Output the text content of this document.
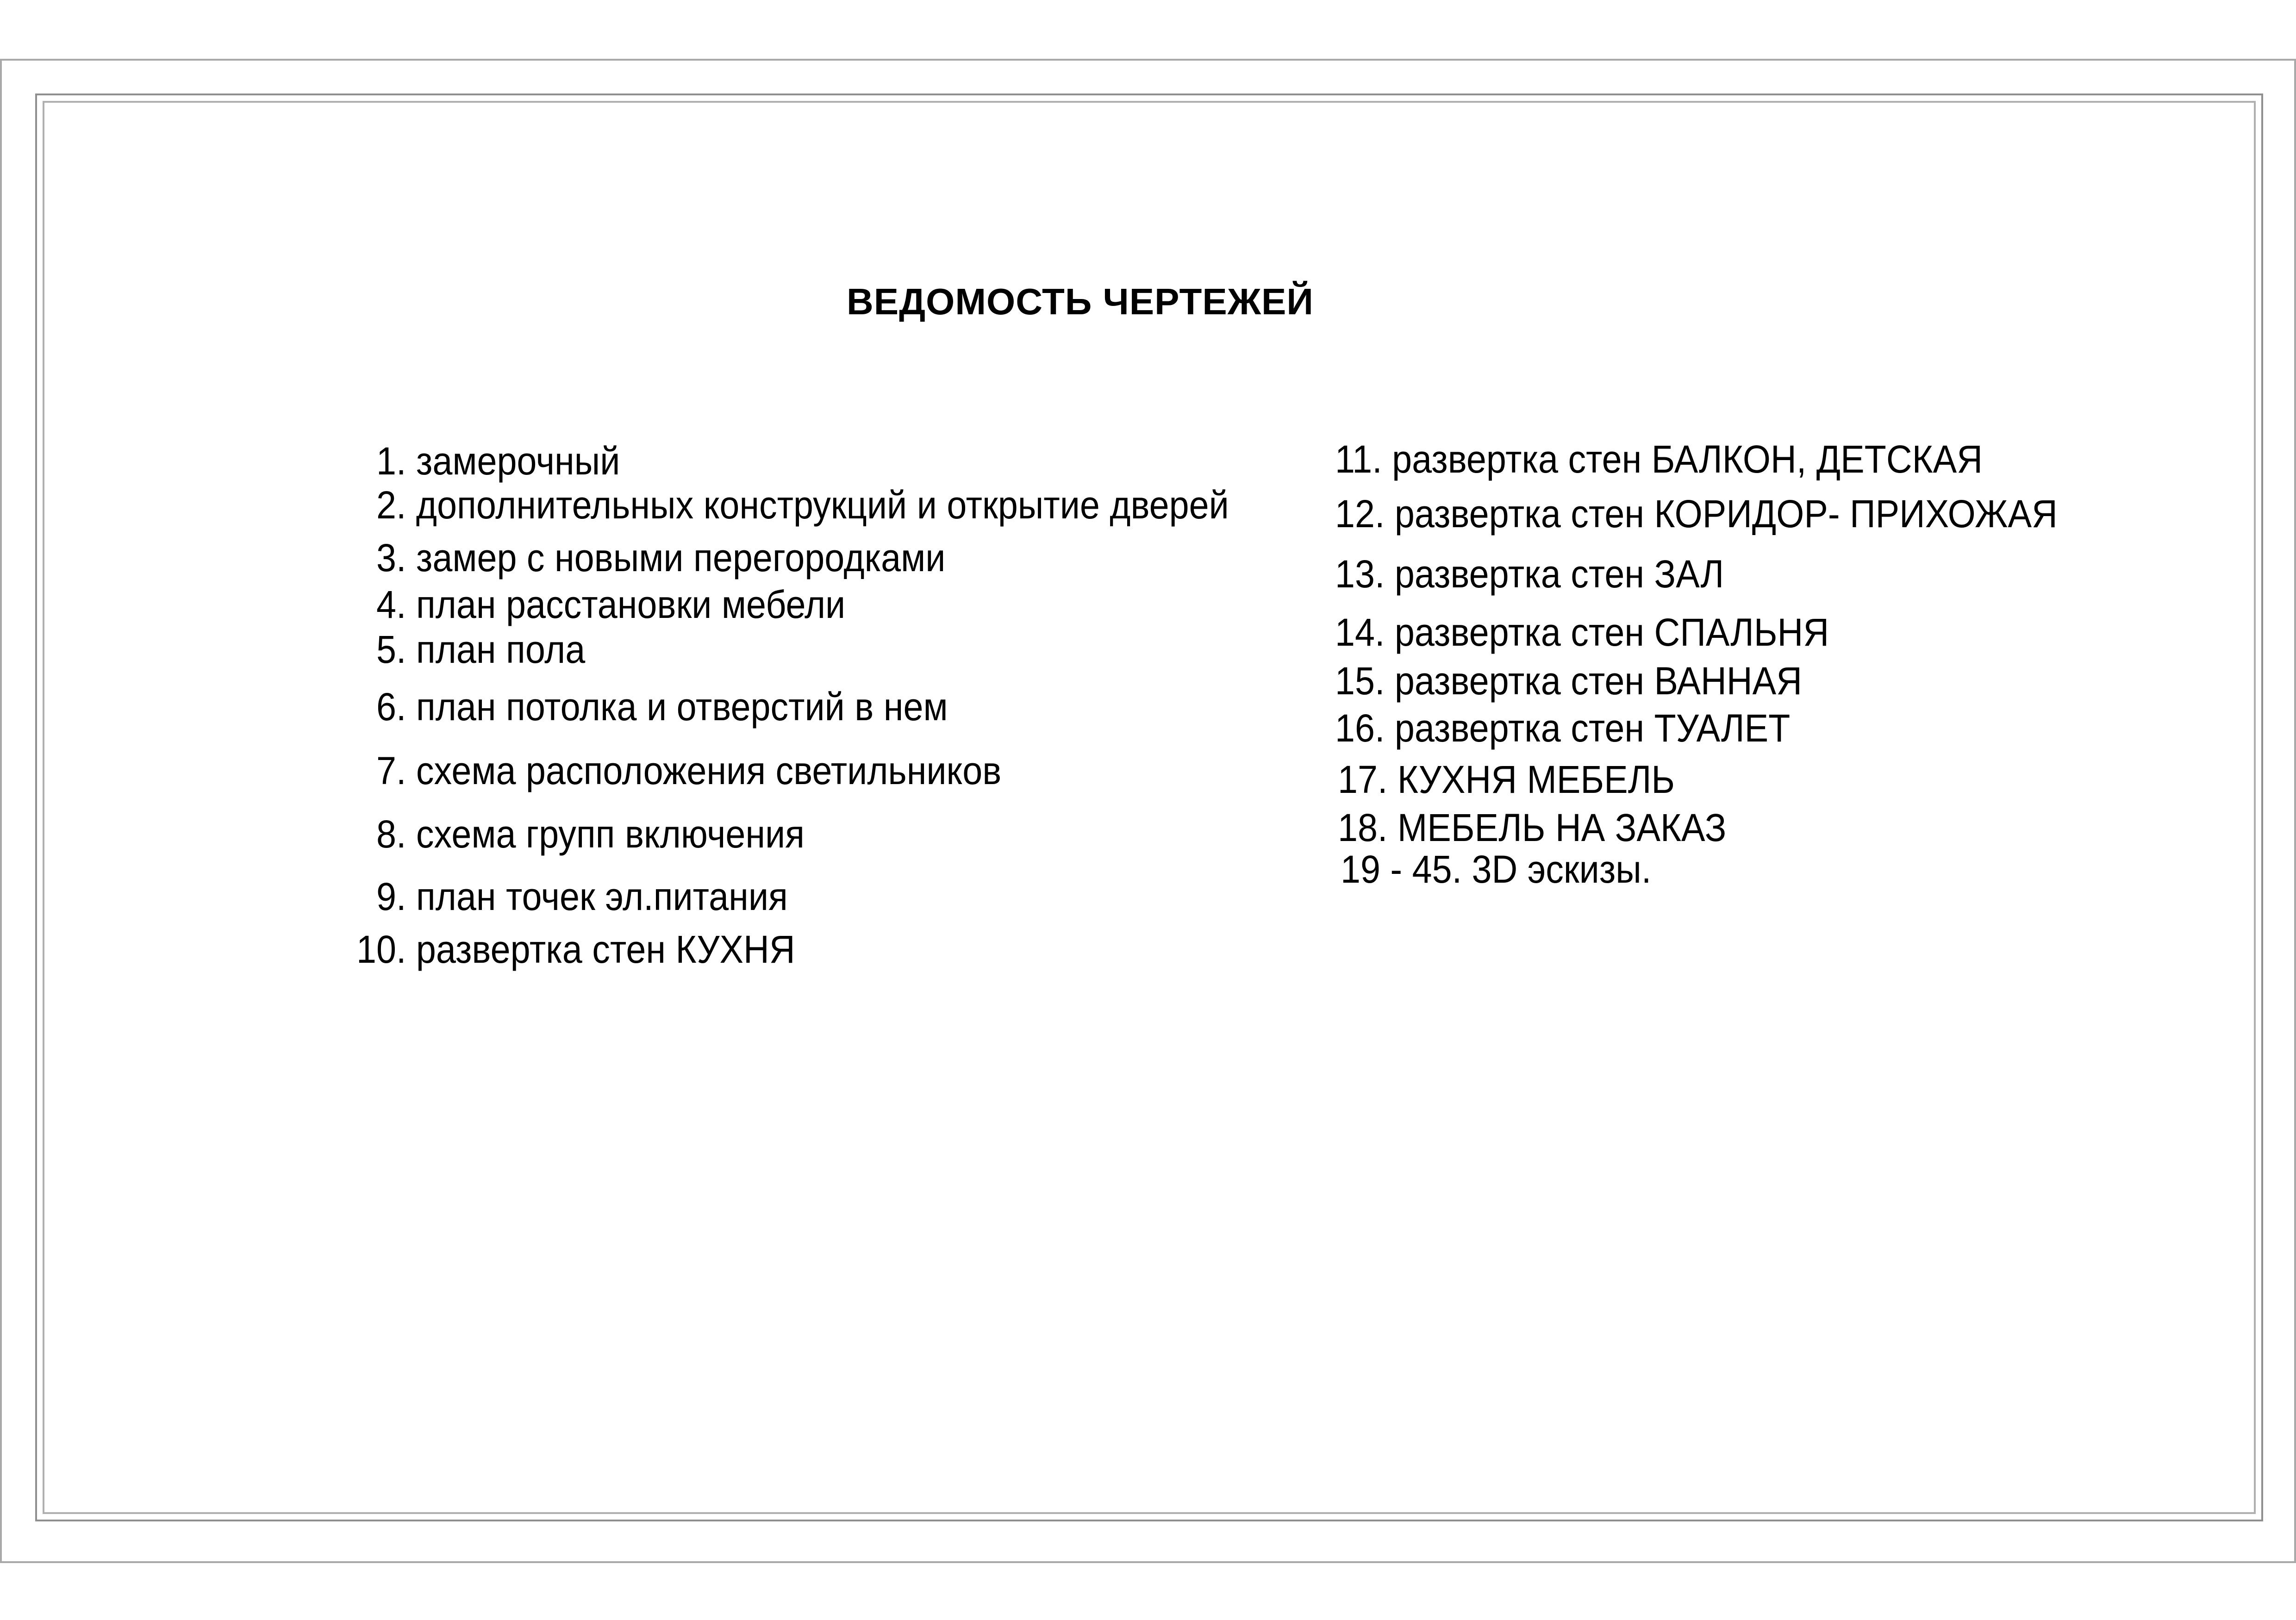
ВЕДОМОСТЬ ЧЕРТЕЖЕЙ
1. замерочный
2. дополнительных конструкций и открытие дверей
3. замер с новыми перегородками
4. план расстановки мебели
5. план пола
6. план потолка и отверстий в нем
7. схема расположения светильников
8. схема групп включения
9. план точек эл.питания
10. развертка стен КУХНЯ
11. развертка стен БАЛКОН, ДЕТСКАЯ
12. развертка стен КОРИДОР- ПРИХОЖАЯ
13. развертка стен ЗАЛ
14. развертка стен СПАЛЬНЯ
15. развертка стен ВАННАЯ
16. развертка стен ТУАЛЕТ
17. КУХНЯ МЕБЕЛЬ
18. МЕБЕЛЬ НА ЗАКАЗ
19 - 45. 3D эскизы.
